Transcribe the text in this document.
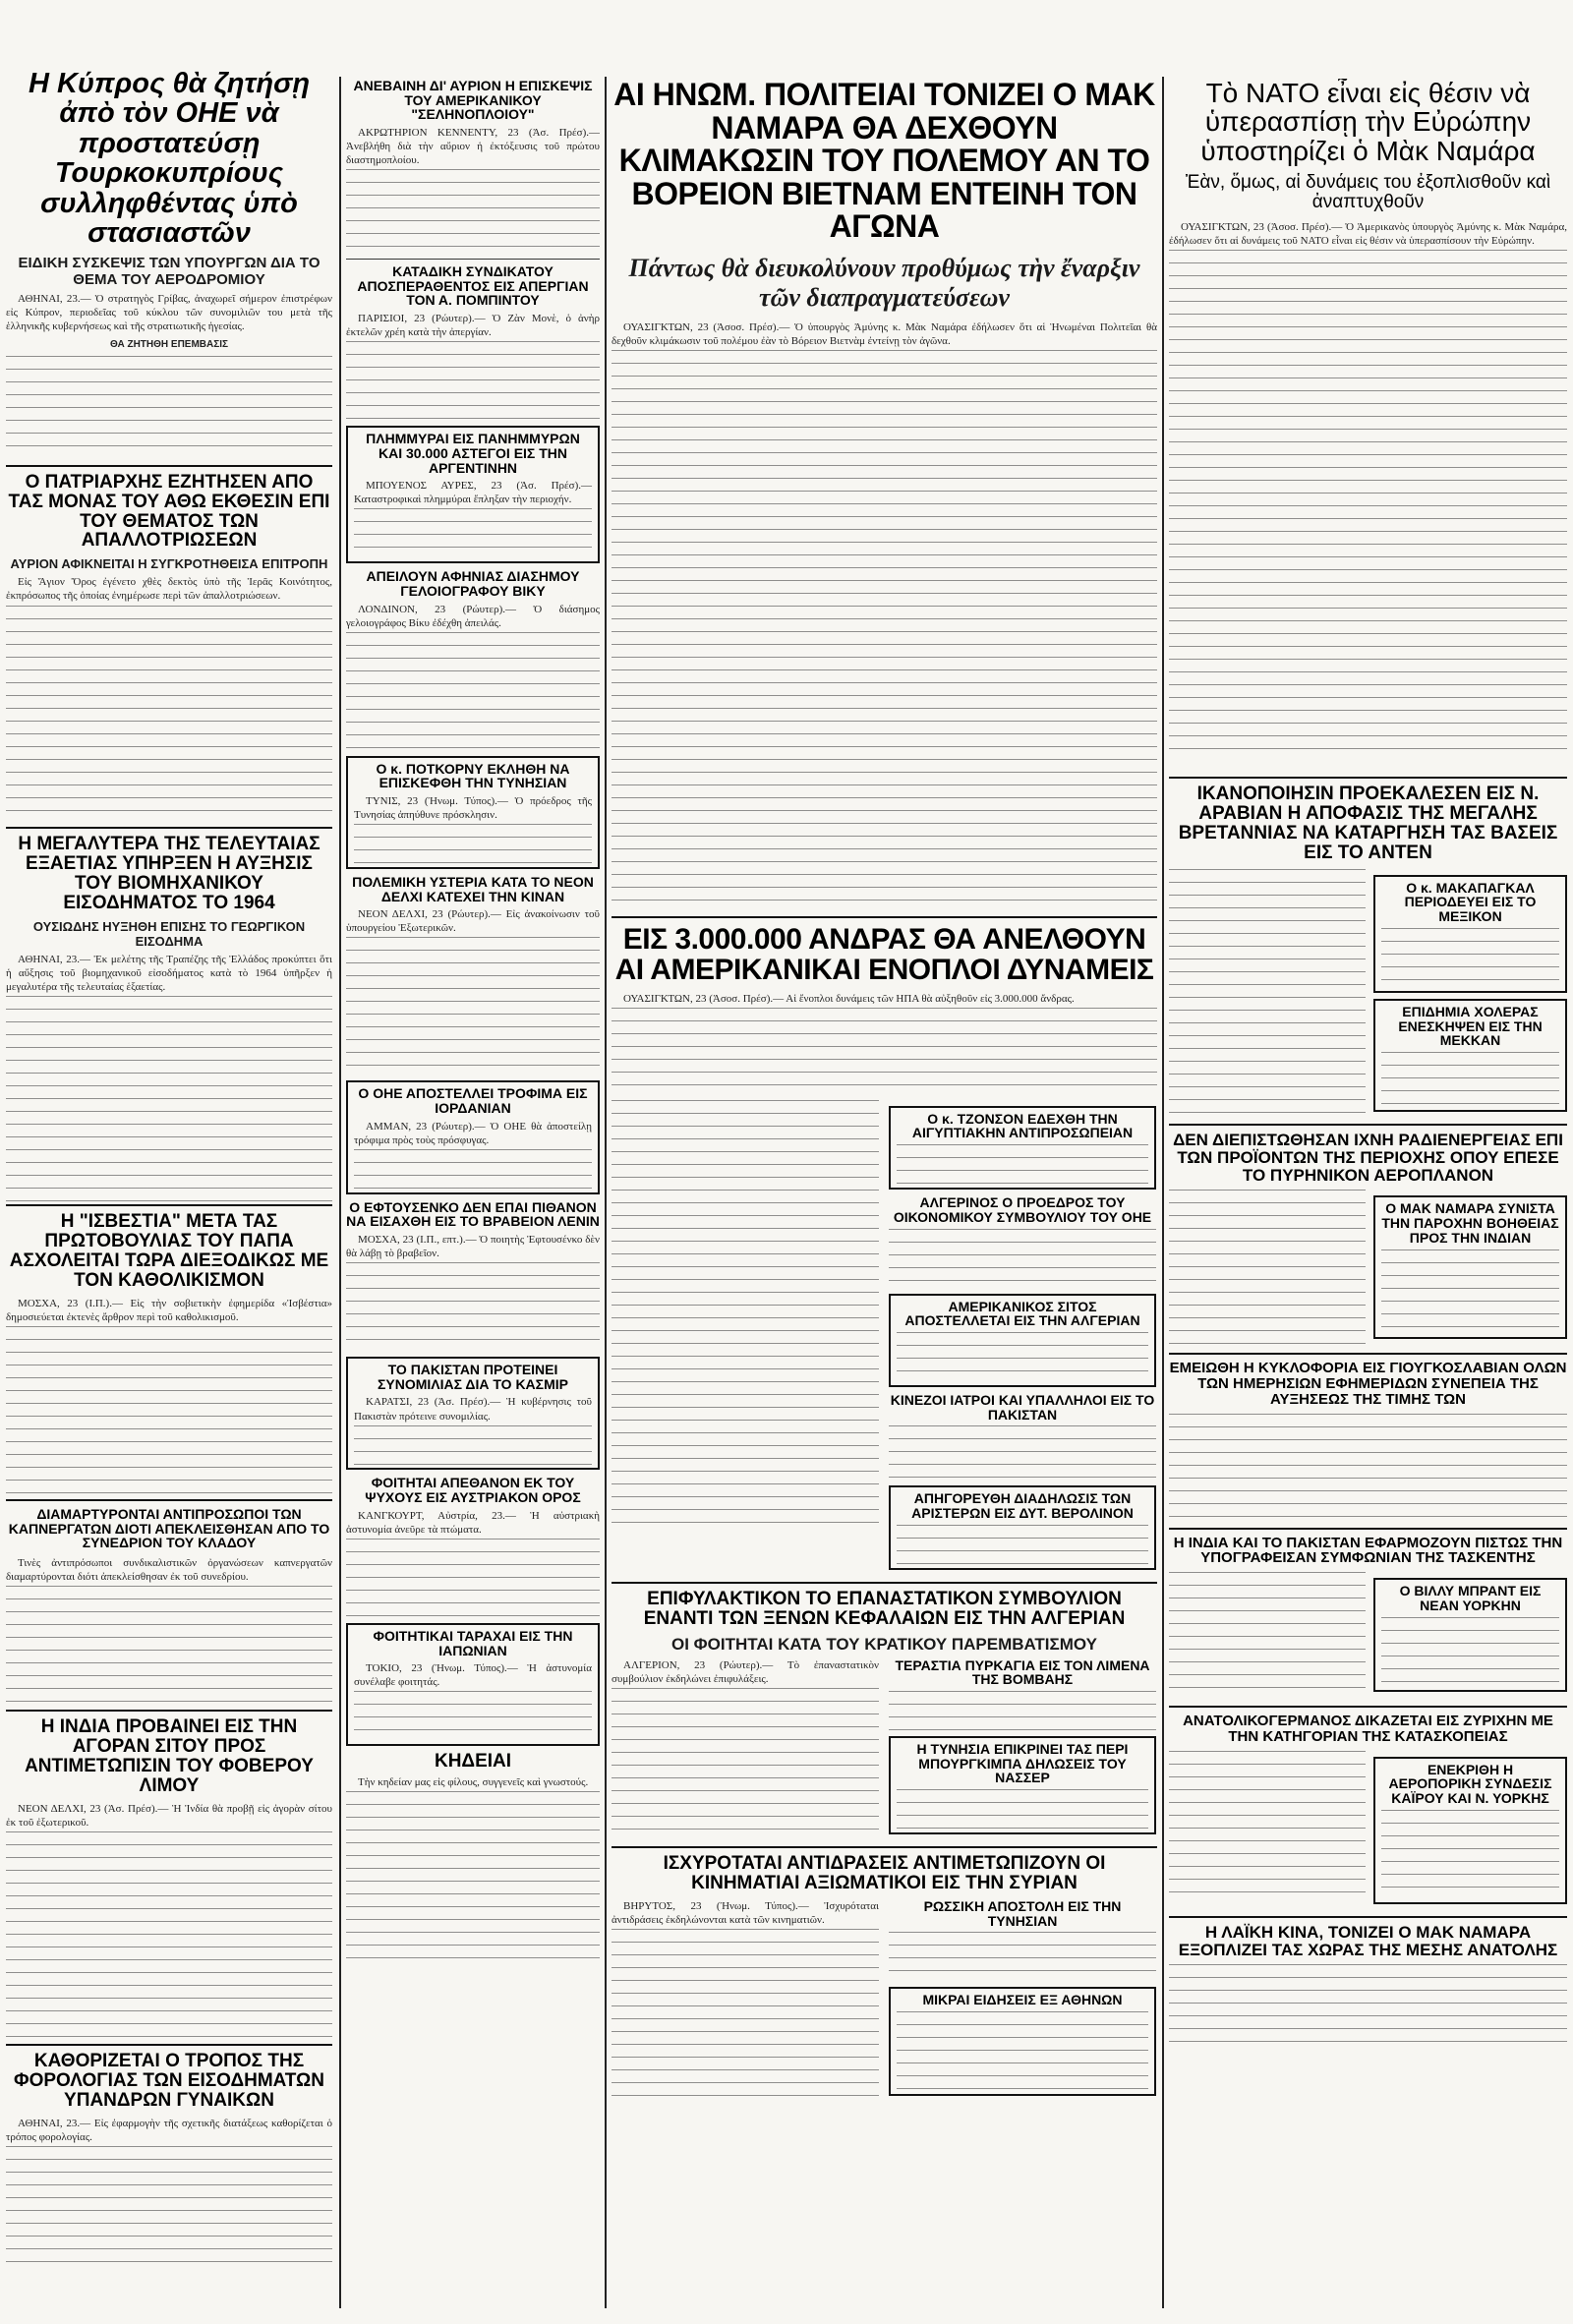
Η Κύπρος θὰ ζητήσῃ ἀπὸ τὸν ΟΗΕ νὰ προστατεύσῃ Τουρκοκυπρίους συλληφθέντας ὑπὸ στασιαστῶν
ΕΙΔΙΚΗ ΣΥΣΚΕΨΙΣ ΤΩΝ ΥΠΟΥΡΓΩΝ ΔΙΑ ΤΟ ΘΕΜΑ ΤΟΥ ΑΕΡΟΔΡΟΜΙΟΥ

ΑΘΗΝΑΙ, 23.— Ὁ στρατηγὸς Γρίβας, ἀναχωρεῖ σήμερον ἐπιστρέφων εἰς Κύπρον, περιοδεῖας τοῦ κύκλου τῶν συνομιλιῶν του μετὰ τῆς ἑλληνικῆς κυβερνήσεως καὶ τῆς στρατιωτικῆς ἡγεσίας.

ΘΑ ΖΗΤΗΘΗ ΕΠΕΜΒΑΣΙΣ
Ο ΠΑΤΡΙΑΡΧΗΣ ΕΖΗΤΗΣΕΝ ΑΠΟ ΤΑΣ ΜΟΝΑΣ ΤΟΥ ΑΘΩ ΕΚΘΕΣΙΝ ΕΠΙ ΤΟΥ ΘΕΜΑΤΟΣ ΤΩΝ ΑΠΑΛΛΟΤΡΙΩΣΕΩΝ
ΑΥΡΙΟΝ ΑΦΙΚΝΕΙΤΑΙ Η ΣΥΓΚΡΟΤΗΘΕΙΣΑ ΕΠΙΤΡΟΠΗ

Εἰς Ἅγιον Ὄρος ἐγένετο χθὲς δεκτὸς ὑπὸ τῆς Ἱερᾶς Κοινότητος, ἐκπρόσωπος τῆς ὁποίας ἐνημέρωσε περὶ τῶν ἀπαλλοτριώσεων.

Η ΜΕΓΑΛΥΤΕΡΑ ΤΗΣ ΤΕΛΕΥΤΑΙΑΣ ΕΞΑΕΤΙΑΣ ΥΠΗΡΞΕΝ Η ΑΥΞΗΣΙΣ ΤΟΥ ΒΙΟΜΗΧΑΝΙΚΟΥ ΕΙΣΟΔΗΜΑΤΟΣ ΤΟ 1964
ΟΥΣΙΩΔΗΣ ΗΥΞΗΘΗ ΕΠΙΣΗΣ ΤΟ ΓΕΩΡΓΙΚΟΝ ΕΙΣΟΔΗΜΑ

ΑΘΗΝΑΙ, 23.— Ἐκ μελέτης τῆς Τραπέζης τῆς Ἑλλάδος προκύπτει ὅτι ἡ αὔξησις τοῦ βιομηχανικοῦ εἰσοδήματος κατὰ τὸ 1964 ὑπῆρξεν ἡ μεγαλυτέρα τῆς τελευταίας ἑξαετίας.

Η "ΙΣΒΕΣΤΙΑ" ΜΕΤΑ ΤΑΣ ΠΡΩΤΟΒΟΥΛΙΑΣ ΤΟΥ ΠΑΠΑ ΑΣΧΟΛΕΙΤΑΙ ΤΩΡΑ ΔΙΕΞΟΔΙΚΩΣ ΜΕ ΤΟΝ ΚΑΘΟΛΙΚΙΣΜΟΝ

ΜΟΣΧΑ, 23 (Ι.Π.).— Εἰς τὴν σοβιετικὴν ἐφημερίδα «Ἰσβέστια» δημοσιεύεται ἐκτενὲς ἄρθρον περὶ τοῦ καθολικισμοῦ.

ΔΙΑΜΑΡΤΥΡΟΝΤΑΙ ΑΝΤΙΠΡΟΣΩΠΟΙ ΤΩΝ ΚΑΠΝΕΡΓΑΤΩΝ ΔΙΟΤΙ ΑΠΕΚΛΕΙΣΘΗΣΑΝ ΑΠΟ ΤΟ ΣΥΝΕΔΡΙΟΝ ΤΟΥ ΚΛΑΔΟΥ

Τινὲς ἀντιπρόσωποι συνδικαλιστικῶν ὀργανώσεων καπνεργατῶν διαμαρτύρονται διότι ἀπεκλείσθησαν ἐκ τοῦ συνεδρίου.

Η ΙΝΔΙΑ ΠΡΟΒΑΙΝΕΙ ΕΙΣ ΤΗΝ ΑΓΟΡΑΝ ΣΙΤΟΥ ΠΡΟΣ ΑΝΤΙΜΕΤΩΠΙΣΙΝ ΤΟΥ ΦΟΒΕΡΟΥ ΛΙΜΟΥ

ΝΕΟΝ ΔΕΛΧΙ, 23 (Ἀσ. Πρέσ).— Ἡ Ἰνδία θὰ προβῇ εἰς ἀγορὰν σίτου ἐκ τοῦ ἐξωτερικοῦ.

ΚΑΘΟΡΙΖΕΤΑΙ Ο ΤΡΟΠΟΣ ΤΗΣ ΦΟΡΟΛΟΓΙΑΣ ΤΩΝ ΕΙΣΟΔΗΜΑΤΩΝ ΥΠΑΝΔΡΩΝ ΓΥΝΑΙΚΩΝ

ΑΘΗΝΑΙ, 23.— Εἰς ἐφαρμογὴν τῆς σχετικῆς διατάξεως καθορίζεται ὁ τρόπος φορολογίας.

ΑΝΕΒΑΙΝΗ ΔΙ' ΑΥΡΙΟΝ Η ΕΠΙΣΚΕΨΙΣ ΤΟΥ ΑΜΕΡΙΚΑΝΙΚΟΥ "ΣΕΛΗΝΟΠΛΟΙΟΥ"

ΑΚΡΩΤΗΡΙΟΝ ΚΕΝΝΕΝΤΥ, 23 (Ἀσ. Πρέσ).— Ἀνεβλήθη διὰ τὴν αὔριον ἡ ἐκτόξευσις τοῦ πρώτου διαστημοπλοίου.

ΚΑΤΑΔΙΚΗ ΣΥΝΔΙΚΑΤΟΥ ΑΠΟΣΠΕΡΑΘΕΝΤΟΣ ΕΙΣ ΑΠΕΡΓΙΑΝ ΤΟΝ Α. ΠΟΜΠΙΝΤΟΥ

ΠΑΡΙΣΙΟΙ, 23 (Ρώυτερ).— Ὁ Ζὰν Μονὲ, ὁ ἀνὴρ ἐκτελῶν χρέη κατὰ τὴν ἀπεργίαν.

ΠΛΗΜΜΥΡΑΙ ΕΙΣ ΠΑΝΗΜΜΥΡΩΝ ΚΑΙ 30.000 ΑΣΤΕΓΟΙ ΕΙΣ ΤΗΝ ΑΡΓΕΝΤΙΝΗΝ

ΜΠΟΥΕΝΟΣ ΑΥΡΕΣ, 23 (Ἀσ. Πρέσ).— Καταστροφικαὶ πλημμύραι ἔπληξαν τὴν περιοχήν.

ΑΠΕΙΛΟΥΝ ΑΦΗΝΙΑΣ ΔΙΑΣΗΜΟΥ ΓΕΛΟΙΟΓΡΑΦΟΥ ΒΙΚΥ

ΛΟΝΔΙΝΟΝ, 23 (Ρώυτερ).— Ὁ διάσημος γελοιογράφος Βίκυ ἐδέχθη ἀπειλάς.

Ο κ. ΠΟΤΚΟΡΝΥ ΕΚΛΗΘΗ ΝΑ ΕΠΙΣΚΕΦΘΗ ΤΗΝ ΤΥΝΗΣΙΑΝ

ΤΥΝΙΣ, 23 (Ἠνωμ. Τύπος).— Ὁ πρόεδρος τῆς Τυνησίας ἀπηύθυνε πρόσκλησιν.

ΠΟΛΕΜΙΚΗ ΥΣΤΕΡΙΑ ΚΑΤΑ ΤΟ ΝΕΟΝ ΔΕΛΧΙ ΚΑΤΕΧΕΙ ΤΗΝ ΚΙΝΑΝ

ΝΕΟΝ ΔΕΛΧΙ, 23 (Ρώυτερ).— Εἰς ἀνακοίνωσιν τοῦ ὑπουργείου Ἐξωτερικῶν.

Ο ΟΗΕ ΑΠΟΣΤΕΛΛΕΙ ΤΡΟΦΙΜΑ ΕΙΣ ΙΟΡΔΑΝΙΑΝ

ΑΜΜΑΝ, 23 (Ρώυτερ).— Ὁ ΟΗΕ θὰ ἀποστείλῃ τρόφιμα πρὸς τοὺς πρόσφυγας.

Ο ΕΦΤΟΥΣΕΝΚΟ ΔΕΝ ΕΠΑΙ ΠΙΘΑΝΟΝ ΝΑ ΕΙΣΑΧΘΗ ΕΙΣ ΤΟ ΒΡΑΒΕΙΟΝ ΛΕΝΙΝ

ΜΟΣΧΑ, 23 (Ι.Π., επτ.).— Ὁ ποιητὴς Ἐφτουσένκο δὲν θὰ λάβῃ τὸ βραβεῖον.

ΤΟ ΠΑΚΙΣΤΑΝ ΠΡΟΤΕΙΝΕΙ ΣΥΝΟΜΙΛΙΑΣ ΔΙΑ ΤΟ ΚΑΣΜΙΡ

ΚΑΡΑΤΣΙ, 23 (Ἀσ. Πρέσ).— Ἡ κυβέρνησις τοῦ Πακιστὰν πρότεινε συνομιλίας.

ΦΟΙΤΗΤΑΙ ΑΠΕΘΑΝΟΝ ΕΚ ΤΟΥ ΨΥΧΟΥΣ ΕΙΣ ΑΥΣΤΡΙΑΚΟΝ ΟΡΟΣ

ΚΑΝΓΚΟΥΡΤ, Αὐστρία, 23.— Ἡ αὐστριακὴ ἀστυνομία ἀνεῦρε τὰ πτώματα.

ΦΟΙΤΗΤΙΚΑΙ ΤΑΡΑΧΑΙ ΕΙΣ ΤΗΝ ΙΑΠΩΝΙΑΝ

ΤΟΚΙΟ, 23 (Ἠνωμ. Τύπος).— Ἡ ἀστυνομία συνέλαβε φοιτητάς.

ΚΗΔΕΙΑΙ

Τὴν κηδείαν μας εἰς φίλους, συγγενεῖς καὶ γνωστούς.

ΑΙ ΗΝΩΜ. ΠΟΛΙΤΕΙΑΙ ΤΟΝΙΖΕΙ Ο ΜΑΚ ΝΑΜΑΡΑ ΘΑ ΔΕΧΘΟΥΝ ΚΛΙΜΑΚΩΣΙΝ ΤΟΥ ΠΟΛΕΜΟΥ ΑΝ ΤΟ ΒΟΡΕΙΟΝ ΒΙΕΤΝΑΜ ΕΝΤΕΙΝΗ ΤΟΝ ΑΓΩΝΑ
Πάντως θὰ διευκολύνουν προθύμως τὴν ἔναρξιν τῶν διαπραγματεύσεων

ΟΥΑΣΙΓΚΤΩΝ, 23 (Ἀσοσ. Πρέσ).— Ὁ ὑπουργὸς Ἀμύνης κ. Μὰκ Ναμάρα ἐδήλωσεν ὅτι αἱ Ἡνωμέναι Πολιτεῖαι θὰ δεχθοῦν κλιμάκωσιν τοῦ πολέμου ἐὰν τὸ Βόρειον Βιετνὰμ ἐντείνῃ τὸν ἀγῶνα.

ΕΙΣ 3.000.000 ΑΝΔΡΑΣ ΘΑ ΑΝΕΛΘΟΥΝ ΑΙ ΑΜΕΡΙΚΑΝΙΚΑΙ ΕΝΟΠΛΟΙ ΔΥΝΑΜΕΙΣ

ΟΥΑΣΙΓΚΤΩΝ, 23 (Ἀσοσ. Πρέσ).— Αἱ ἔνοπλοι δυνάμεις τῶν ΗΠΑ θὰ αὐξηθοῦν εἰς 3.000.000 ἄνδρας.

Ο κ. ΤΖΟΝΣΟΝ ΕΔΕΧΘΗ ΤΗΝ ΑΙΓΥΠΤΙΑΚΗΝ ΑΝΤΙΠΡΟΣΩΠΕΙΑΝ
ΑΛΓΕΡΙΝΟΣ Ο ΠΡΟΕΔΡΟΣ ΤΟΥ ΟΙΚΟΝΟΜΙΚΟΥ ΣΥΜΒΟΥΛΙΟΥ ΤΟΥ ΟΗΕ
ΑΜΕΡΙΚΑΝΙΚΟΣ ΣΙΤΟΣ ΑΠΟΣΤΕΛΛΕΤΑΙ ΕΙΣ ΤΗΝ ΑΛΓΕΡΙΑΝ
ΚΙΝΕΖΟΙ ΙΑΤΡΟΙ ΚΑΙ ΥΠΑΛΛΗΛΟΙ ΕΙΣ ΤΟ ΠΑΚΙΣΤΑΝ
ΑΠΗΓΟΡΕΥΘΗ ΔΙΑΔΗΛΩΣΙΣ ΤΩΝ ΑΡΙΣΤΕΡΩΝ ΕΙΣ ΔΥΤ. ΒΕΡΟΛΙΝΟΝ
ΕΠΙΦΥΛΑΚΤΙΚΟΝ ΤΟ ΕΠΑΝΑΣΤΑΤΙΚΟΝ ΣΥΜΒΟΥΛΙΟΝ ΕΝΑΝΤΙ ΤΩΝ ΞΕΝΩΝ ΚΕΦΑΛΑΙΩΝ ΕΙΣ ΤΗΝ ΑΛΓΕΡΙΑΝ
ΟΙ ΦΟΙΤΗΤΑΙ ΚΑΤΑ ΤΟΥ ΚΡΑΤΙΚΟΥ ΠΑΡΕΜΒΑΤΙΣΜΟΥ

ΑΛΓΕΡΙΟΝ, 23 (Ρώυτερ).— Τὸ ἐπαναστατικὸν συμβούλιον ἐκδηλώνει ἐπιφυλάξεις.

ΤΕΡΑΣΤΙΑ ΠΥΡΚΑΓΙΑ ΕΙΣ ΤΟΝ ΛΙΜΕΝΑ ΤΗΣ ΒΟΜΒΑΗΣ
Η ΤΥΝΗΣΙΑ ΕΠΙΚΡΙΝΕΙ ΤΑΣ ΠΕΡΙ ΜΠΟΥΡΓΚΙΜΠΑ ΔΗΛΩΣΕΙΣ ΤΟΥ ΝΑΣΣΕΡ
ΙΣΧΥΡΟΤΑΤΑΙ ΑΝΤΙΔΡΑΣΕΙΣ ΑΝΤΙΜΕΤΩΠΙΖΟΥΝ ΟΙ ΚΙΝΗΜΑΤΙΑΙ ΑΞΙΩΜΑΤΙΚΟΙ ΕΙΣ ΤΗΝ ΣΥΡΙΑΝ

ΒΗΡΥΤΟΣ, 23 (Ἠνωμ. Τύπος).— Ἰσχυρόταται ἀντιδράσεις ἐκδηλώνονται κατὰ τῶν κινηματιῶν.

ΡΩΣΣΙΚΗ ΑΠΟΣΤΟΛΗ ΕΙΣ ΤΗΝ ΤΥΝΗΣΙΑΝ
ΜΙΚΡΑΙ ΕΙΔΗΣΕΙΣ ΕΞ ΑΘΗΝΩΝ
Τὸ ΝΑΤΟ εἶναι εἰς θέσιν νὰ ὑπερασπίσῃ τὴν Εὐρώπην ὑποστηρίζει ὁ Μὰκ Ναμάρα
Ἐὰν, ὅμως, αἱ δυνάμεις του ἐξοπλισθοῦν καὶ ἀναπτυχθοῦν

ΟΥΑΣΙΓΚΤΩΝ, 23 (Ἀσοσ. Πρέσ).— Ὁ Ἀμερικανὸς ὑπουργὸς Ἀμύνης κ. Μὰκ Ναμάρα, ἐδήλωσεν ὅτι αἱ δυνάμεις τοῦ ΝΑΤΟ εἶναι εἰς θέσιν νὰ ὑπερασπίσουν τὴν Εὐρώπην.

ΙΚΑΝΟΠΟΙΗΣΙΝ ΠΡΟΕΚΑΛΕΣΕΝ ΕΙΣ Ν. ΑΡΑΒΙΑΝ Η ΑΠΟΦΑΣΙΣ ΤΗΣ ΜΕΓΑΛΗΣ ΒΡΕΤΑΝΝΙΑΣ ΝΑ ΚΑΤΑΡΓΗΣΗ ΤΑΣ ΒΑΣΕΙΣ ΕΙΣ ΤΟ ΑΝΤΕΝ
Ο κ. ΜΑΚΑΠΑΓΚΑΛ ΠΕΡΙΟΔΕΥΕΙ ΕΙΣ ΤΟ ΜΕΞΙΚΟΝ
ΕΠΙΔΗΜΙΑ ΧΟΛΕΡΑΣ ΕΝΕΣΚΗΨΕΝ ΕΙΣ ΤΗΝ ΜΕΚΚΑΝ
ΔΕΝ ΔΙΕΠΙΣΤΩΘΗΣΑΝ ΙΧΝΗ ΡΑΔΙΕΝΕΡΓΕΙΑΣ ΕΠΙ ΤΩΝ ΠΡΟΪΟΝΤΩΝ ΤΗΣ ΠΕΡΙΟΧΗΣ ΟΠΟΥ ΕΠΕΣΕ ΤΟ ΠΥΡΗΝΙΚΟΝ ΑΕΡΟΠΛΑΝΟΝ
Ο ΜΑΚ ΝΑΜΑΡΑ ΣΥΝΙΣΤΑ ΤΗΝ ΠΑΡΟΧΗΝ ΒΟΗΘΕΙΑΣ ΠΡΟΣ ΤΗΝ ΙΝΔΙΑΝ
ΕΜΕΙΩΘΗ Η ΚΥΚΛΟΦΟΡΙΑ ΕΙΣ ΓΙΟΥΓΚΟΣΛΑΒΙΑΝ ΟΛΩΝ ΤΩΝ ΗΜΕΡΗΣΙΩΝ ΕΦΗΜΕΡΙΔΩΝ ΣΥΝΕΠΕΙΑ ΤΗΣ ΑΥΞΗΣΕΩΣ ΤΗΣ ΤΙΜΗΣ ΤΩΝ
Η ΙΝΔΙΑ ΚΑΙ ΤΟ ΠΑΚΙΣΤΑΝ ΕΦΑΡΜΟΖΟΥΝ ΠΙΣΤΩΣ ΤΗΝ ΥΠΟΓΡΑΦΕΙΣΑΝ ΣΥΜΦΩΝΙΑΝ ΤΗΣ ΤΑΣΚΕΝΤΗΣ
Ο ΒΙΛΛΥ ΜΠΡΑΝΤ ΕΙΣ ΝΕΑΝ ΥΟΡΚΗΝ
ΑΝΑΤΟΛΙΚΟΓΕΡΜΑΝΟΣ ΔΙΚΑΖΕΤΑΙ ΕΙΣ ΖΥΡΙΧΗΝ ΜΕ ΤΗΝ ΚΑΤΗΓΟΡΙΑΝ ΤΗΣ ΚΑΤΑΣΚΟΠΕΙΑΣ
ΕΝΕΚΡΙΘΗ Η ΑΕΡΟΠΟΡΙΚΗ ΣΥΝΔΕΣΙΣ ΚΑΪΡΟΥ ΚΑΙ Ν. ΥΟΡΚΗΣ
Η ΛΑΪΚΗ ΚΙΝΑ, ΤΟΝΙΖΕΙ Ο ΜΑΚ ΝΑΜΑΡΑ ΕΞΟΠΛΙΖΕΙ ΤΑΣ ΧΩΡΑΣ ΤΗΣ ΜΕΣΗΣ ΑΝΑΤΟΛΗΣ
